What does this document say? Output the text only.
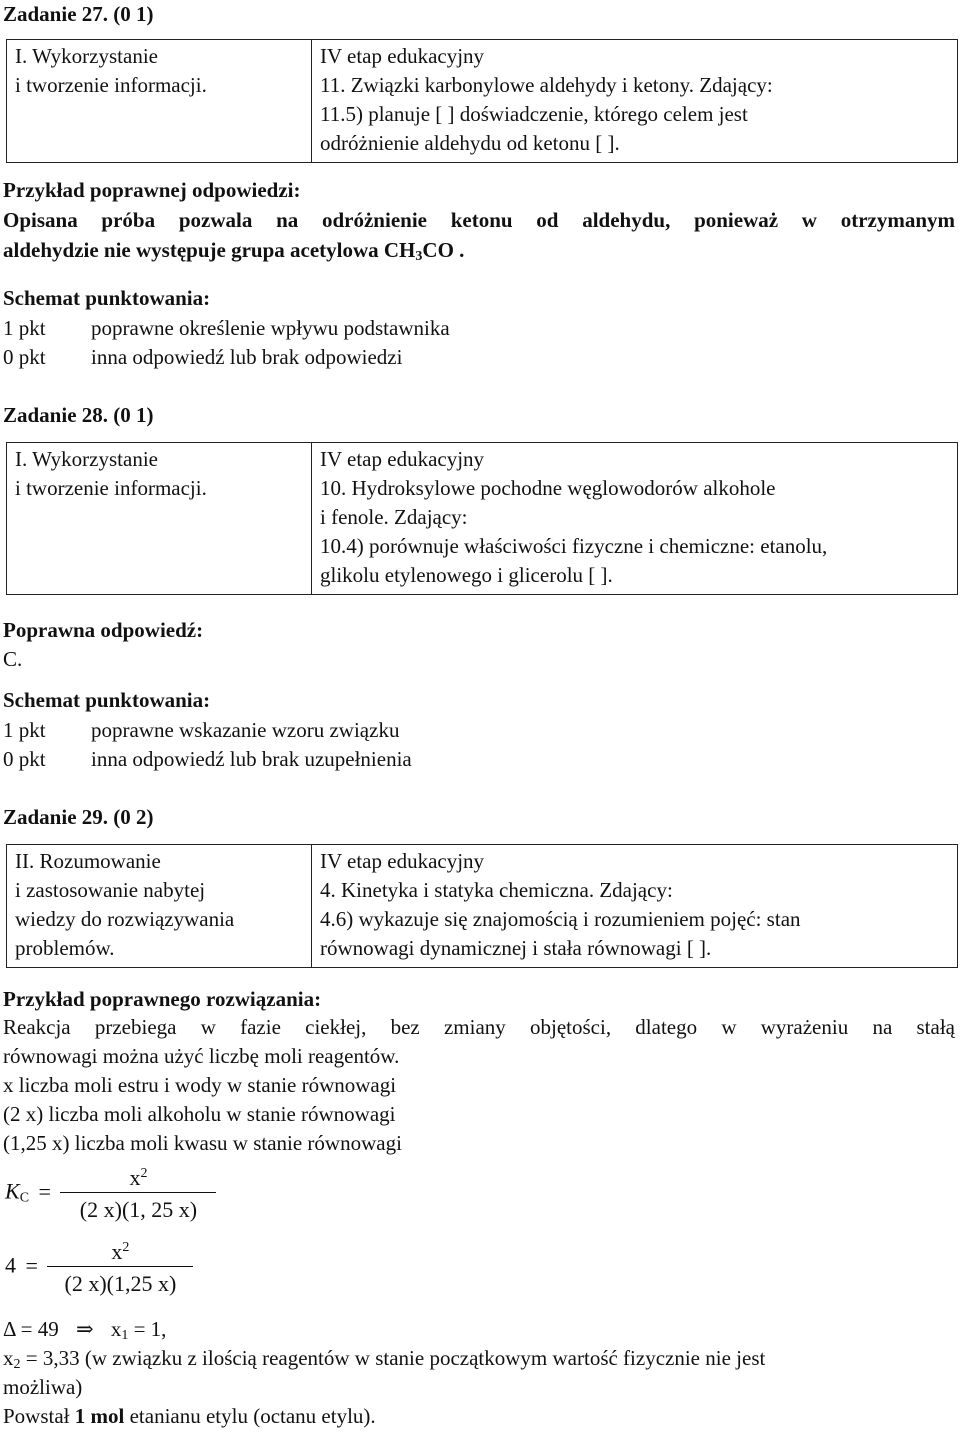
Zadanie 27. (0 1)
I. Wykorzystanie
i tworzenie informacji.

IV etap edukacyjny
11. Związki karbonylowe aldehydy i ketony. Zdający:
11.5) planuje [ ] doświadczenie, którego celem jest
odróżnienie aldehydu od ketonu [ ].
Przykład poprawnej odpowiedzi:
Opisana próba pozwala na odróżnienie ketonu od aldehydu, ponieważ w otrzymanym
aldehydzie nie występuje grupa acetylowa $CH_3CO$ .
Schemat punktowania:
1 pkt poprawne określenie wpływu podstawnika
0 pkt inna odpowiedź lub brak odpowiedzi
Zadanie 28. (0 1)
I. Wykorzystanie
i tworzenie informacji.

IV etap edukacyjny
10. Hydroksylowe pochodne węglowodorów alkohole
i fenole. Zdający:
10.4) porównuje właściwości fizyczne i chemiczne: etanolu,
glikolu etylenowego i glicerolu [ ].
Poprawna odpowiedź:
C.
Schemat punktowania:
1 pkt poprawne wskazanie wzoru związku
0 pkt inna odpowiedź lub brak uzupełnienia
Zadanie 29. (0 2)
II. Rozumowanie
i zastosowanie nabytej
wiedzy do rozwiązywania
problemów.

IV etap edukacyjny
4. Kinetyka i statyka chemiczna. Zdający:
4.6) wykazuje się znajomością i rozumieniem pojęć: stan
równowagi dynamicznej i stała równowagi [ ].
Przykład poprawnego rozwiązania:
Reakcja przebiega w fazie ciekłej, bez zmiany objętości, dlatego w wyrażeniu na stałą
równowagi można użyć liczbę moli reagentów.
x liczba moli estru i wody w stanie równowagi
(2 x) liczba moli alkoholu w stanie równowagi
(1,25 x) liczba moli kwasu w stanie równowagi
$K_C = \frac{x^2}{(2 x)(1, 25 x)}$
$4 = \frac{x^2}{(2 x)(1,25 x)}$
Δ = 49 ⇒ $x_1 = 1$,
$x_2 = 3,33$ (w związku z ilością reagentów w stanie początkowym wartość fizycznie nie jest
możliwa)
Powstał 1 mol etanianu etylu (octanu etylu).
